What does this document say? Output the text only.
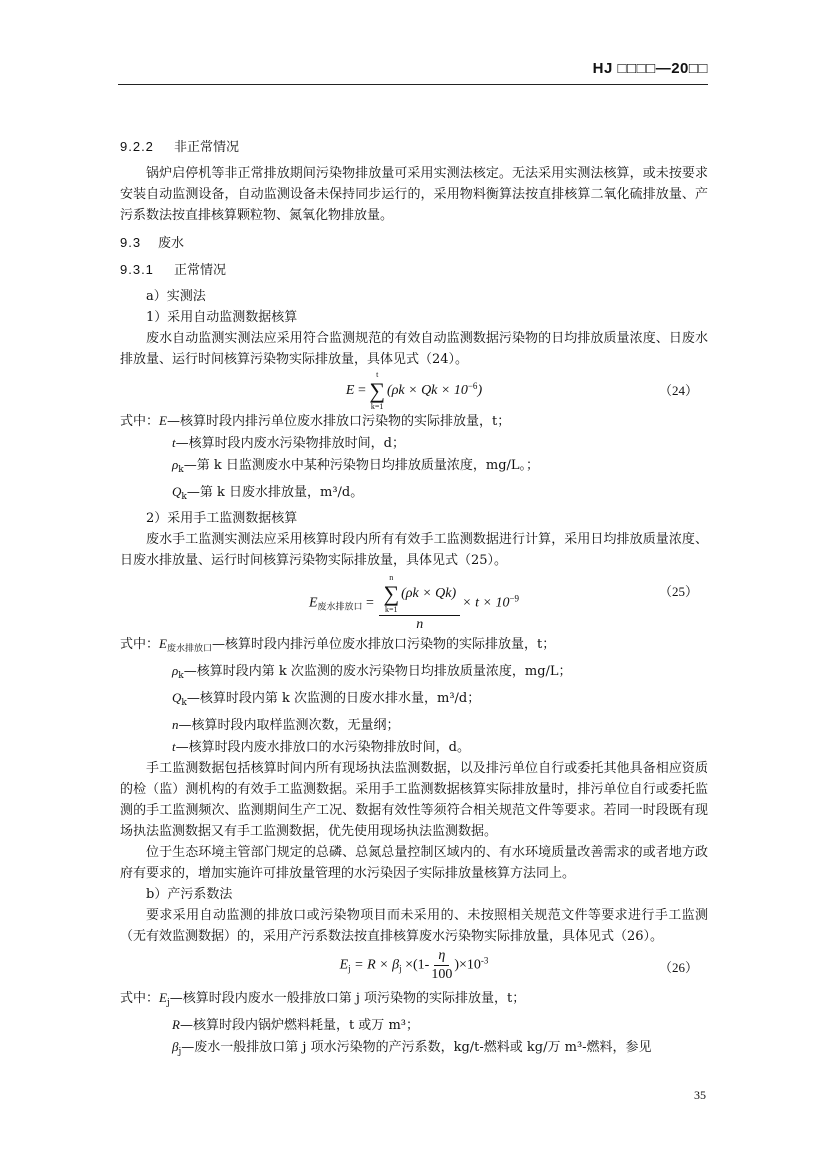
HJ □□□□—20□□

9.2.2 非正常情况

锅炉启停机等非正常排放期间污染物排放量可采用实测法核定。无法采用实测法核算，或未按要求安装自动监测设备，自动监测设备未保持同步运行的，采用物料衡算法按直排核算二氧化硫排放量、产污系数法按直排核算颗粒物、氮氧化物排放量。

9.3 废水

9.3.1 正常情况

a）实测法

1）采用自动监测数据核算

废水自动监测实测法应采用符合监测规范的有效自动监测数据污染物的日均排放质量浓度、日废水排放量、运行时间核算污染物实际排放量，具体见式（24）。

E =
t
∑
k=1
$(\rho k \times Qk \times 10^{-6})$	（24）

式中：E—核算时段内排污单位废水排放口污染物的实际排放量，t；

t—核算时段内废水污染物排放时间，d；

$\rho_k—$第 k 日监测废水中某种污染物日均排放质量浓度，mg/L。；

$Q_k—$第 k 日废水排放量，m³/d。

2）采用手工监测数据核算

废水手工监测实测法应采用核算时段内所有有效手工监测数据进行计算，采用日均排放质量浓度、日废水排放量、运行时间核算污染物实际排放量，具体见式（25）。

$E_{废水排放口} = n$
∑
k=1
(ρk × Qk)
$n \times t \times 10^{-9}$	（25）

式中：$E_{废水排放口}—$核算时段内排污单位废水排放口污染物的实际排放量，t；

$\rho_k—$核算时段内第 k 次监测的废水污染物日均排放质量浓度，mg/L；

$Q_k—$核算时段内第 k 次监测的日废水排水量，m³/d；

n—核算时段内取样监测次数，无量纲；

t—核算时段内废水排放口的水污染物排放时间，d。

手工监测数据包括核算时间内所有现场执法监测数据，以及排污单位自行或委托其他具备相应资质的检（监）测机构的有效手工监测数据。采用手工监测数据核算实际排放量时，排污单位自行或委托监测的手工监测频次、监测期间生产工况、数据有效性等须符合相关规范文件等要求。若同一时段既有现场执法监测数据又有手工监测数据，优先使用现场执法监测数据。

位于生态环境主管部门规定的总磷、总氮总量控制区域内的、有水环境质量改善需求的或者地方政府有要求的，增加实施许可排放量管理的水污染因子实际排放量核算方法同上。

b）产污系数法

要求采用自动监测的排放口或污染物项目而未采用的、未按照相关规范文件等要求进行手工监测（无有效监测数据）的，采用产污系数法按直排核算废水污染物实际排放量，具体见式（26）。

$E_j = R \times \beta_j \times(1- \frac{\eta}{100} )\times 10^{-3}$	（26）

式中：$E_j—$核算时段内废水一般排放口第 j 项污染物的实际排放量，t；

R—核算时段内锅炉燃料耗量，t 或万 m³；

$\beta_j—$废水一般排放口第 j 项水污染物的产污系数，kg/t-燃料或 kg/万 m³-燃料，参见

35
